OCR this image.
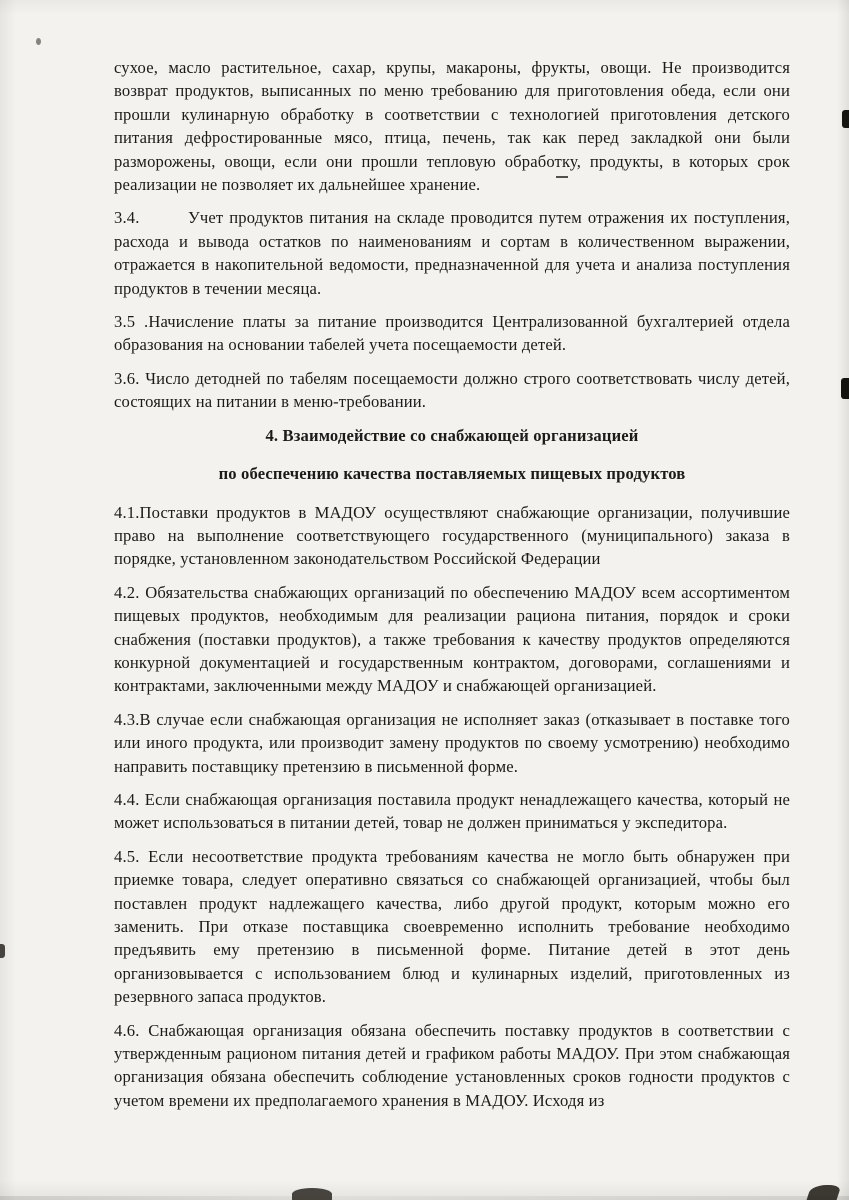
сухое, масло растительное, сахар, крупы, макароны, фрукты, овощи. Не производится возврат продуктов, выписанных по меню требованию для приготовления обеда, если они прошли кулинарную обработку в соответствии с технологией приготовления детского питания дефростированные мясо, птица, печень, так как перед закладкой они были разморожены, овощи, если они прошли тепловую обработку, продукты, в которых срок реализации не позволяет их дальнейшее хранение.

3.4.	Учет продуктов питания на складе проводится путем отражения их поступления, расхода и вывода остатков по наименованиям и сортам в количественном выражении, отражается в накопительной ведомости, предназначенной для учета и анализа поступления продуктов в течении месяца.

3.5 .Начисление платы за питание производится Централизованной бухгалтерией отдела образования на основании табелей учета посещаемости детей.

3.6. Число детодней по табелям посещаемости должно строго соответствовать числу детей, состоящих на питании в меню-требовании.

4. Взаимодействие со снабжающей организацией

по обеспечению качества поставляемых пищевых продуктов

4.1.Поставки продуктов в МАДОУ осуществляют снабжающие организации, получившие право на выполнение соответствующего государственного (муниципального) заказа в порядке, установленном законодательством Российской Федерации

4.2. Обязательства снабжающих организаций по обеспечению МАДОУ всем ассортиментом пищевых продуктов, необходимым для реализации рациона питания, порядок и сроки снабжения (поставки продуктов), а также требования к качеству продуктов определяются конкурной документацией и государственным контрактом, договорами, соглашениями и контрактами, заключенными между МАДОУ и снабжающей организацией.

4.3.В случае если снабжающая организация не исполняет заказ (отказывает в поставке того или иного продукта, или производит замену продуктов по своему усмотрению) необходимо направить поставщику претензию в письменной форме.

4.4. Если снабжающая организация поставила продукт ненадлежащего качества, который не может использоваться в питании детей, товар не должен приниматься у экспедитора.

4.5. Если несоответствие продукта требованиям качества не могло быть обнаружен при приемке товара, следует оперативно связаться со снабжающей организацией, чтобы был поставлен продукт надлежащего качества, либо другой продукт, которым можно его заменить. При отказе поставщика своевременно исполнить требование необходимо предъявить ему претензию в письменной форме. Питание детей в этот день организовывается с использованием блюд и кулинарных изделий, приготовленных из резервного запаса продуктов.

4.6. Снабжающая организация обязана обеспечить поставку продуктов в соответствии с утвержденным рационом питания детей и графиком работы МАДОУ. При этом снабжающая организация обязана обеспечить соблюдение установленных сроков годности продуктов с учетом времени их предполагаемого хранения в МАДОУ. Исходя из
